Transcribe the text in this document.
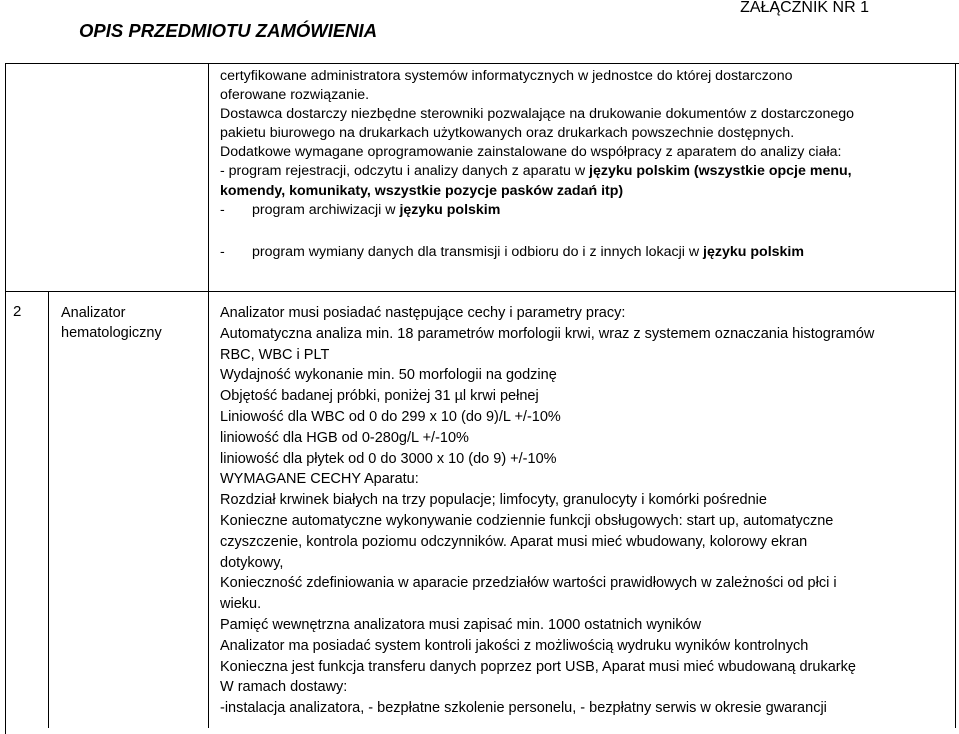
OPIS PRZEDMIOTU ZAMÓWIENIA
ZAŁĄCZNIK NR 1

certyfikowane administratora systemów informatycznych w jednostce do której dostarczono

oferowane rozwiązanie.

Dostawca dostarczy niezbędne sterowniki pozwalające na drukowanie dokumentów z dostarczonego

pakietu biurowego na drukarkach użytkowanych oraz drukarkach powszechnie dostępnych.

Dodatkowe wymagane oprogramowanie zainstalowane do współpracy z aparatem do analizy ciała:

- program rejestracji, odczytu i analizy danych z aparatu w języku polskim (wszystkie opcje menu,

komendy, komunikaty, wszystkie pozycje pasków zadań itp)

-	program archiwizacji w języku polskim

-	program wymiany danych dla transmisji i odbioru do i z innych lokacji w języku polskim

2	Analizator

hematologiczny

Analizator musi posiadać następujące cechy i parametry pracy:

Automatyczna analiza min. 18 parametrów morfologii krwi, wraz z systemem oznaczania histogramów

RBC, WBC i PLT

Wydajność wykonanie min. 50 morfologii na godzinę

Objętość badanej próbki, poniżej 31 µl krwi pełnej

Liniowość dla WBC od 0 do 299 x 10 (do 9)/L +/-10%

liniowość dla HGB od 0-280g/L +/-10%

liniowość dla płytek od 0 do 3000 x 10 (do 9) +/-10%

WYMAGANE CECHY Aparatu:

Rozdział krwinek białych na trzy populacje; limfocyty, granulocyty i komórki pośrednie

Konieczne automatyczne wykonywanie codziennie funkcji obsługowych: start up, automatyczne

czyszczenie, kontrola poziomu odczynników. Aparat musi mieć wbudowany, kolorowy ekran

dotykowy,

Konieczność zdefiniowania w aparacie przedziałów wartości prawidłowych w zależności od płci i

wieku.

Pamięć wewnętrzna analizatora musi zapisać min. 1000 ostatnich wyników

Analizator ma posiadać system kontroli jakości z możliwością wydruku wyników kontrolnych

Konieczna jest funkcja transferu danych poprzez port USB, Aparat musi mieć wbudowaną drukarkę

W ramach dostawy:

-instalacja analizatora, - bezpłatne szkolenie personelu, - bezpłatny serwis w okresie gwarancji
